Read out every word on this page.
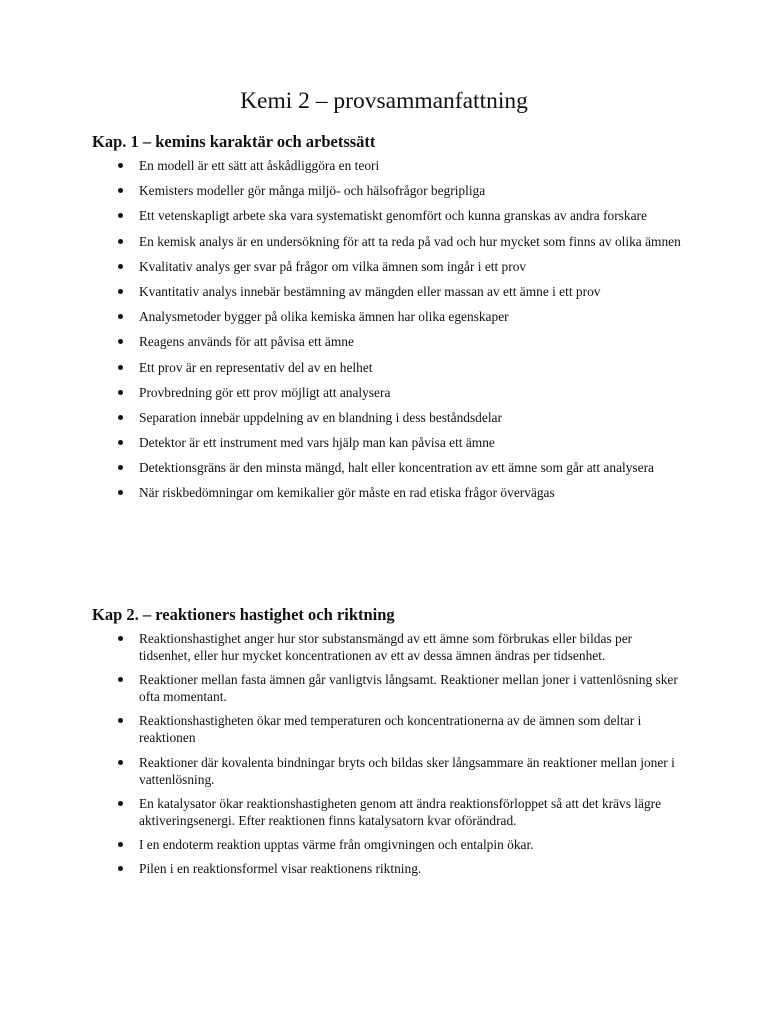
Kemi 2 – provsammanfattning
Kap. 1 – kemins karaktär och arbetssätt
En modell är ett sätt att åskådliggöra en teori
Kemisters modeller gör många miljö- och hälsofrågor begripliga
Ett vetenskapligt arbete ska vara systematiskt genomfört och kunna granskas av andra forskare
En kemisk analys är en undersökning för att ta reda på vad och hur mycket som finns av olika ämnen
Kvalitativ analys ger svar på frågor om vilka ämnen som ingår i ett prov
Kvantitativ analys innebär bestämning av mängden eller massan av ett ämne i ett prov
Analysmetoder bygger på olika kemiska ämnen har olika egenskaper
Reagens används för att påvisa ett ämne
Ett prov är en representativ del av en helhet
Provbredning gör ett prov möjligt att analysera
Separation innebär uppdelning av en blandning i dess beståndsdelar
Detektor är ett instrument med vars hjälp man kan påvisa ett ämne
Detektionsgräns är den minsta mängd, halt eller koncentration av ett ämne som går att analysera
När riskbedömningar om kemikalier gör måste en rad etiska frågor övervägas
Kap 2. – reaktioners hastighet och riktning
Reaktionshastighet anger hur stor substansmängd av ett ämne som förbrukas eller bildas per tidsenhet, eller hur mycket koncentrationen av ett av dessa ämnen ändras per tidsenhet.
Reaktioner mellan fasta ämnen går vanligtvis långsamt. Reaktioner mellan joner i vattenlösning sker ofta momentant.
Reaktionshastigheten ökar med temperaturen och koncentrationerna av de ämnen som deltar i reaktionen
Reaktioner där kovalenta bindningar bryts och bildas sker långsammare än reaktioner mellan joner i vattenlösning.
En katalysator ökar reaktionshastigheten genom att ändra reaktionsförloppet så att det krävs lägre aktiveringsenergi. Efter reaktionen finns katalysatorn kvar oförändrad.
I en endoterm reaktion upptas värme från omgivningen och entalpin ökar.
Pilen i en reaktionsformel visar reaktionens riktning.
